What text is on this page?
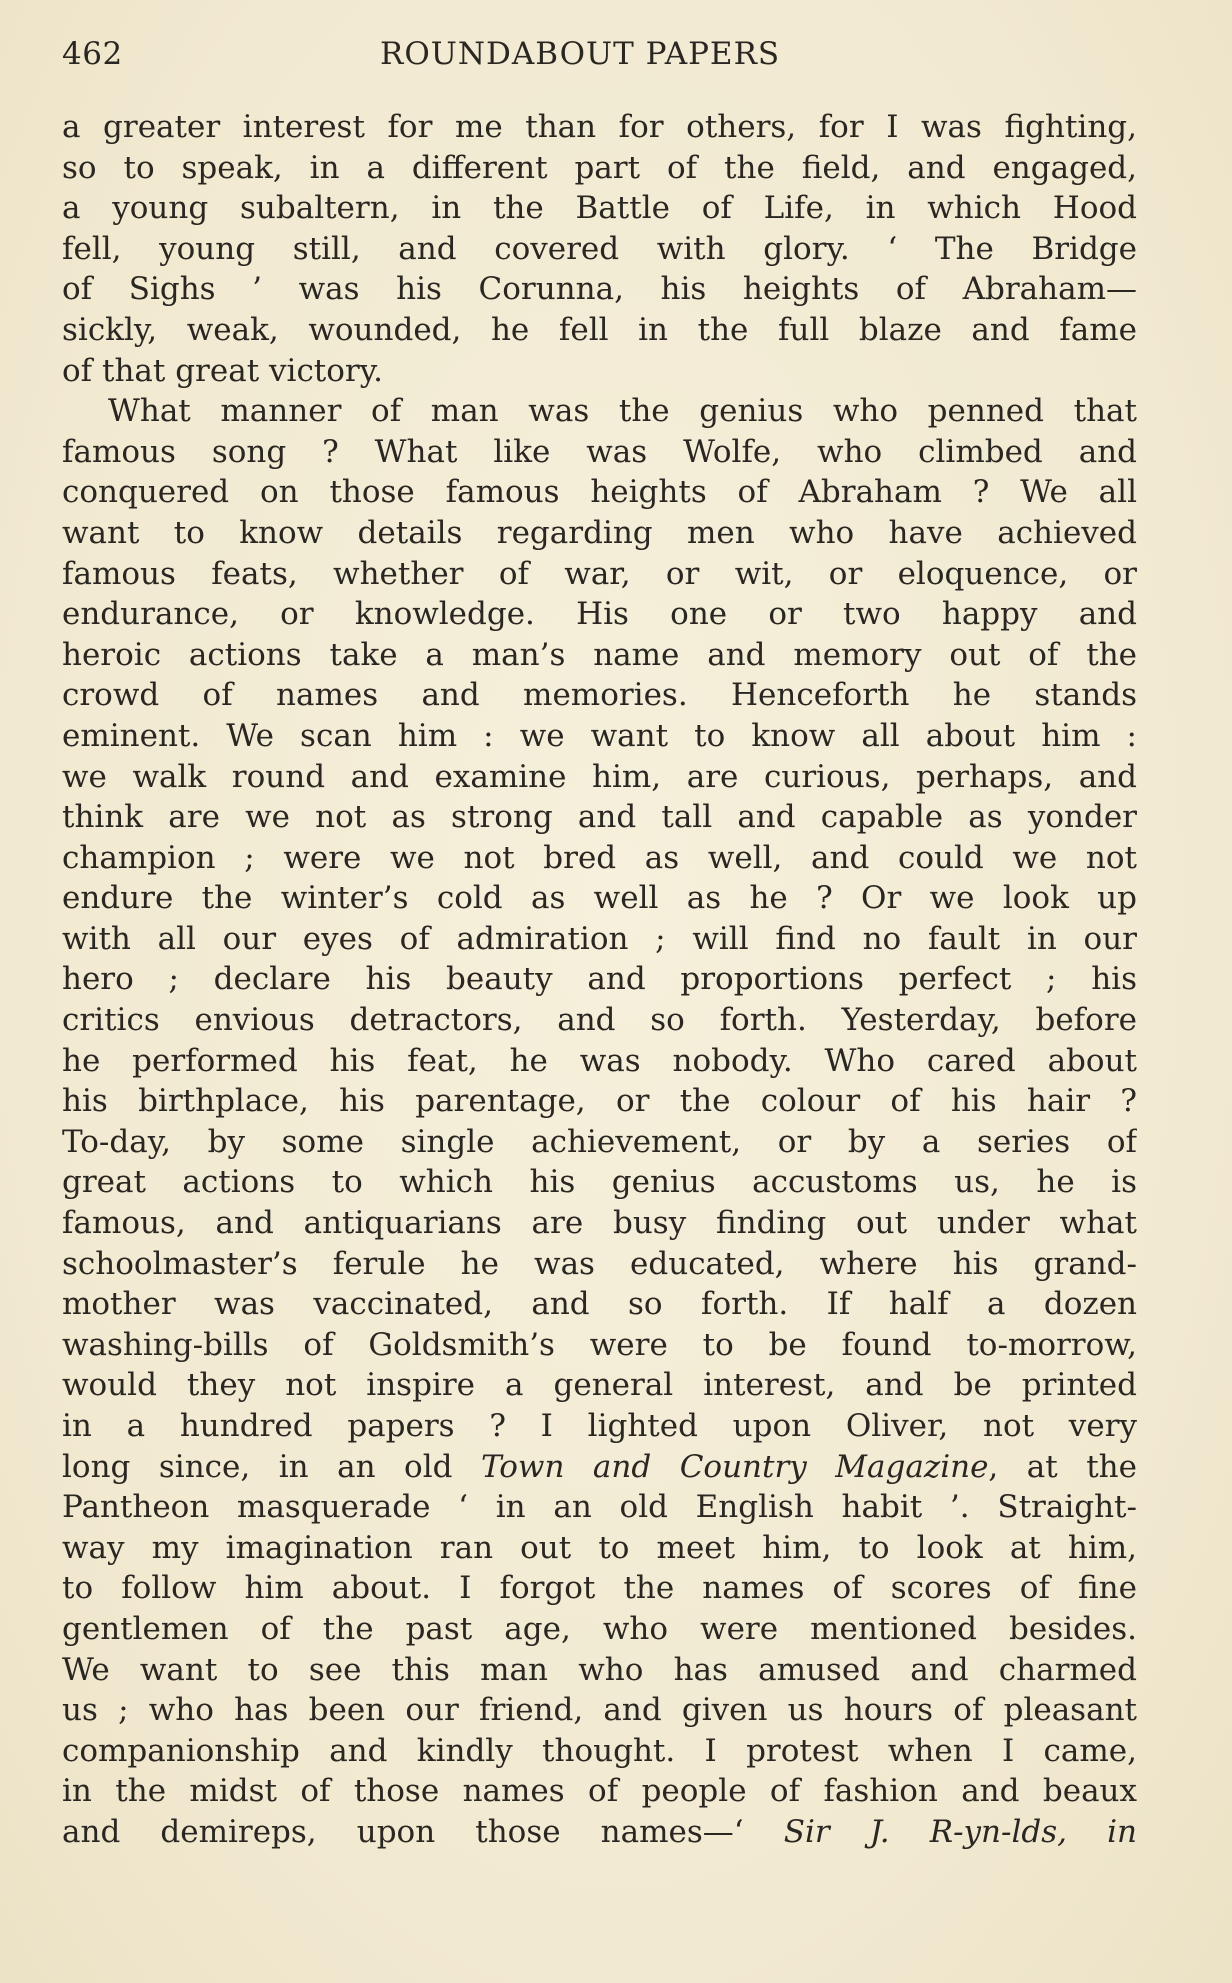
462	ROUNDABOUT PAPERS
a greater interest for me than for others, for I was fighting,
so to speak, in a different part of the field, and engaged,
a young subaltern, in the Battle of Life, in which Hood
fell, young still, and covered with glory. ‘ The Bridge
of Sighs ’ was his Corunna, his heights of Abraham—
sickly, weak, wounded, he fell in the full blaze and fame
of that great victory.
What manner of man was the genius who penned that
famous song ? What like was Wolfe, who climbed and
conquered on those famous heights of Abraham ? We all
want to know details regarding men who have achieved
famous feats, whether of war, or wit, or eloquence, or
endurance, or knowledge. His one or two happy and
heroic actions take a man’s name and memory out of the
crowd of names and memories. Henceforth he stands
eminent. We scan him : we want to know all about him :
we walk round and examine him, are curious, perhaps, and
think are we not as strong and tall and capable as yonder
champion ; were we not bred as well, and could we not
endure the winter’s cold as well as he ? Or we look up
with all our eyes of admiration ; will find no fault in our
hero ; declare his beauty and proportions perfect ; his
critics envious detractors, and so forth. Yesterday, before
he performed his feat, he was nobody. Who cared about
his birthplace, his parentage, or the colour of his hair ?
To-day, by some single achievement, or by a series of
great actions to which his genius accustoms us, he is
famous, and antiquarians are busy finding out under what
schoolmaster’s ferule he was educated, where his grand-
mother was vaccinated, and so forth. If half a dozen
washing-bills of Goldsmith’s were to be found to-morrow,
would they not inspire a general interest, and be printed
in a hundred papers ? I lighted upon Oliver, not very
long since, in an old Town and Country Magazine, at the
Pantheon masquerade ‘ in an old English habit ’. Straight-
way my imagination ran out to meet him, to look at him,
to follow him about. I forgot the names of scores of fine
gentlemen of the past age, who were mentioned besides.
We want to see this man who has amused and charmed
us ; who has been our friend, and given us hours of pleasant
companionship and kindly thought. I protest when I came,
in the midst of those names of people of fashion and beaux
and demireps, upon those names—‘ Sir J. R-yn-lds, in
